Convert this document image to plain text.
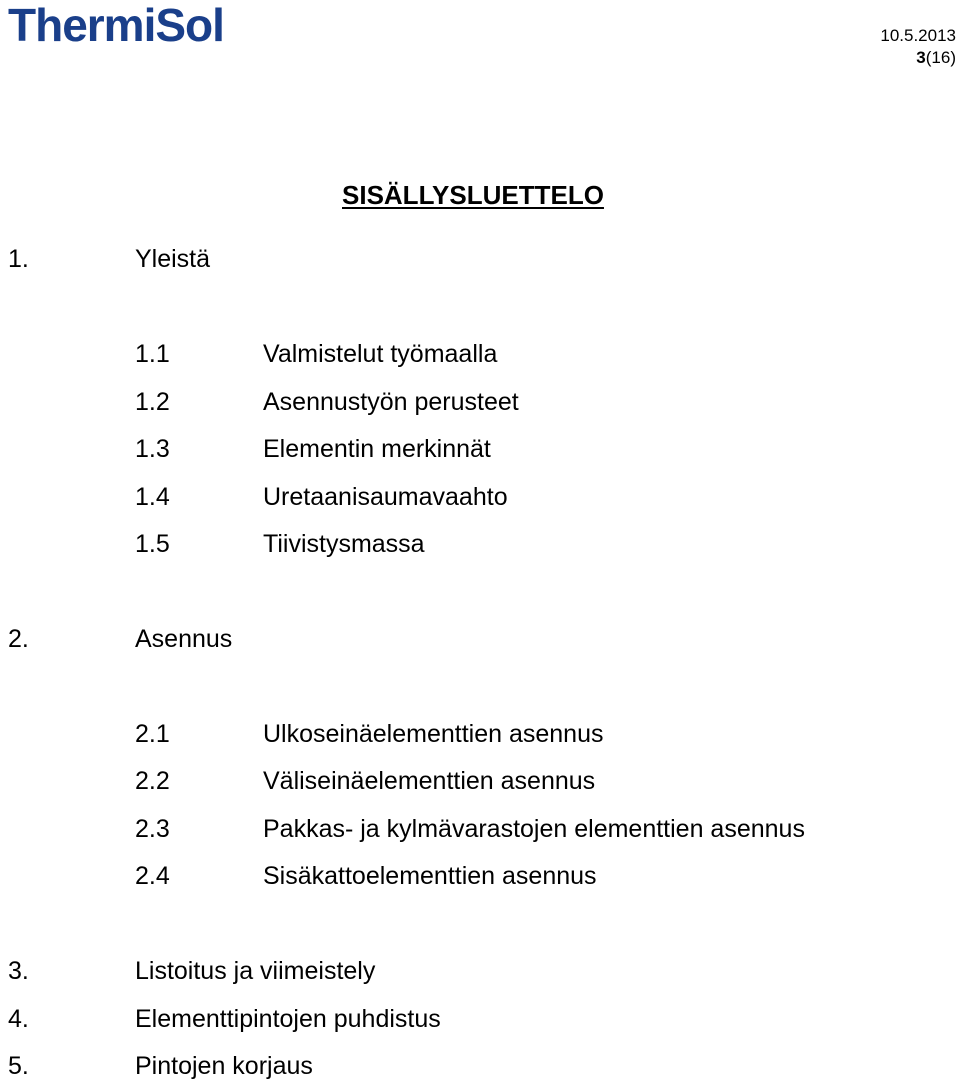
ThermiSol	10.5.2013
3(16)
SISÄLLYSLUETTELO
1.	Yleistä
1.1	Valmistelut työmaalla
1.2	Asennustyön perusteet
1.3	Elementin merkinnät
1.4	Uretaanisaumavaahto
1.5	Tiivistysmassa
2.	Asennus
2.1	Ulkoseinäelementtien asennus
2.2	Väliseinäelementtien asennus
2.3	Pakkas- ja kylmävarastojen elementtien asennus
2.4	Sisäkattoelementtien asennus
3.	Listoitus ja viimeistely
4.	Elementtipintojen puhdistus
5.	Pintojen korjaus
